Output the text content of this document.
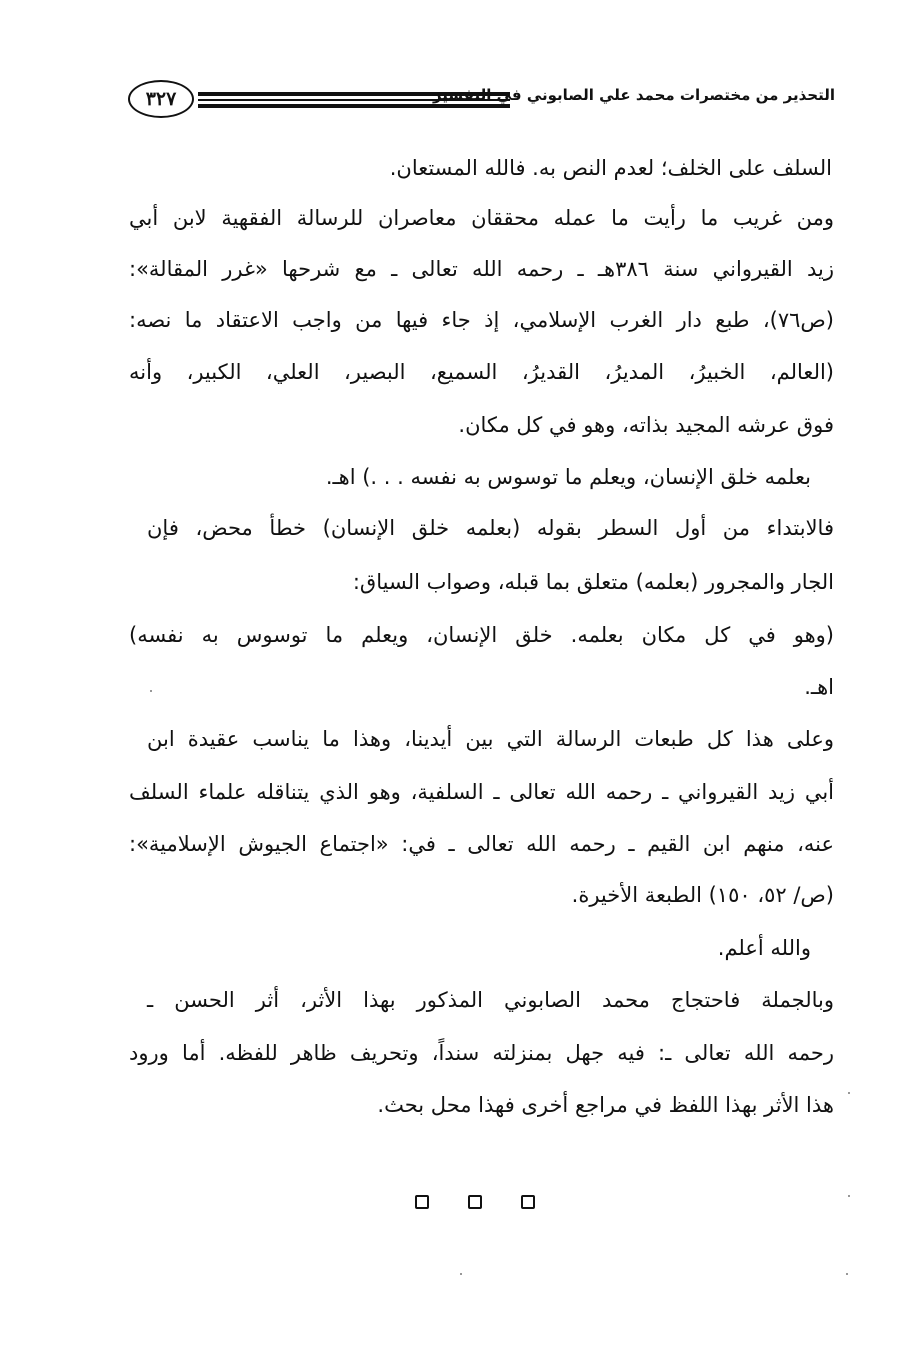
٣٢٧	التحذير من مختصرات محمد علي الصابوني في التفسير
السلف على الخلف؛ لعدم النص به. فالله المستعان.
ومن غريب ما رأيت ما عمله محققان معاصران للرسالة الفقهية لابن أبي
زيد القيرواني سنة ٣٨٦هـ ـ رحمه الله تعالى ـ مع شرحها «غرر المقالة»:
(ص٧٦)، طبع دار الغرب الإسلامي، إذ جاء فيها من واجب الاعتقاد ما نصه:
(العالم، الخبيرُ، المديرُ، القديرُ، السميع، البصير، العلي، الكبير، وأنه
فوق عرشه المجيد بذاته، وهو في كل مكان.
بعلمه خلق الإنسان، ويعلم ما توسوس به نفسه . . .) اهـ.
فالابتداء من أول السطر بقوله (بعلمه خلق الإنسان) خطأ محض، فإن
الجار والمجرور (بعلمه) متعلق بما قبله، وصواب السياق:
(وهو في كل مكان بعلمه. خلق الإنسان، ويعلم ما توسوس به نفسه)
اهـ.
وعلى هذا كل طبعات الرسالة التي بين أيدينا، وهذا ما يناسب عقيدة ابن
أبي زيد القيرواني ـ رحمه الله تعالى ـ السلفية، وهو الذي يتناقله علماء السلف
عنه، منهم ابن القيم ـ رحمه الله تعالى ـ في: «اجتماع الجيوش الإسلامية»:
(ص/ ٥٢، ١٥٠) الطبعة الأخيرة.
والله أعلم.
وبالجملة فاحتجاج محمد الصابوني المذكور بهذا الأثر، أثر الحسن ـ
رحمه الله تعالى ـ: فيه جهل بمنزلته سنداً، وتحريف ظاهر للفظه. أما ورود
هذا الأثر بهذا اللفظ في مراجع أخرى فهذا محل بحث.
